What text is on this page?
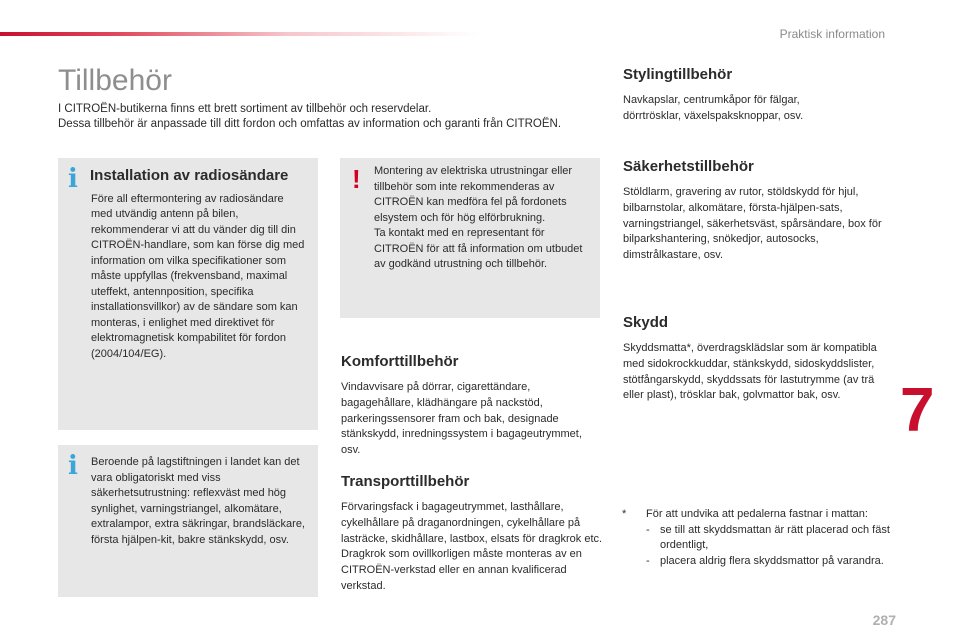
Praktisk information
Tillbehör

I CITROËN-butikerna finns ett brett sortiment av tillbehör och reservdelar.

Dessa tillbehör är anpassade till ditt fordon och omfattas av information och garanti från CITROËN.

i Installation av radiosändare

Före all eftermontering av radiosändare med utvändig antenn på bilen, rekommenderar vi att du vänder dig till din CITROËN-handlare, som kan förse dig med information om vilka specifikationer som måste uppfyllas (frekvensband, maximal uteffekt, antennposition, specifika installationsvillkor) av de sändare som kan monteras, i enlighet med direktivet för elektromagnetisk kompabilitet för fordon (2004/104/EG).

i Beroende på lagstiftningen i landet kan det vara obligatoriskt med viss säkerhetsutrustning: reflexväst med hög synlighet, varningstriangel, alkomätare, extralampor, extra säkringar, brandsläckare, första hjälpen-kit, bakre stänkskydd, osv.

! Montering av elektriska utrustningar eller tillbehör som inte rekommenderas av CITROËN kan medföra fel på fordonets elsystem och för hög elförbrukning.

Ta kontakt med en representant för CITROËN för att få information om utbudet av godkänd utrustning och tillbehör.

Komforttillbehör

Vindavvisare på dörrar, cigarettändare, bagagehållare, klädhängare på nackstöd, parkeringssensorer fram och bak, designade stänkskydd, inredningssystem i bagageutrymmet, osv.

Transporttillbehör

Förvaringsfack i bagageutrymmet, lasthållare, cykelhållare på draganordningen, cykelhållare på lasträcke, skidhållare, lastbox, elsats för dragkrok etc.

Dragkrok som ovillkorligen måste monteras av en CITROËN-verkstad eller en annan kvalificerad verkstad.

Stylingtillbehör

Navkapslar, centrumkåpor för fälgar, dörrtrösklar, växelspaksknoppar, osv.

Säkerhetstillbehör

Stöldlarm, gravering av rutor, stöldskydd för hjul, bilbarnstolar, alkomätare, första-hjälpen-sats, varningstriangel, säkerhetsväst, spårsändare, box för bilparkshantering, snökedjor, autosocks, dimstrålkastare, osv.

Skydd

Skyddsmatta*, överdragsklädslar som är kompatibla med sidokrockkuddar, stänkskydd, sidoskyddslister, stötfångarskydd, skyddssats för lastutrymme (av trä eller plast), trösklar bak, golvmattor bak, osv. 7
*	För att undvika att pedalerna fastnar i mattan:
- se till att skyddsmattan är rätt placerad och fäst ordentligt,
- placera aldrig flera skyddsmattor på varandra.
287
